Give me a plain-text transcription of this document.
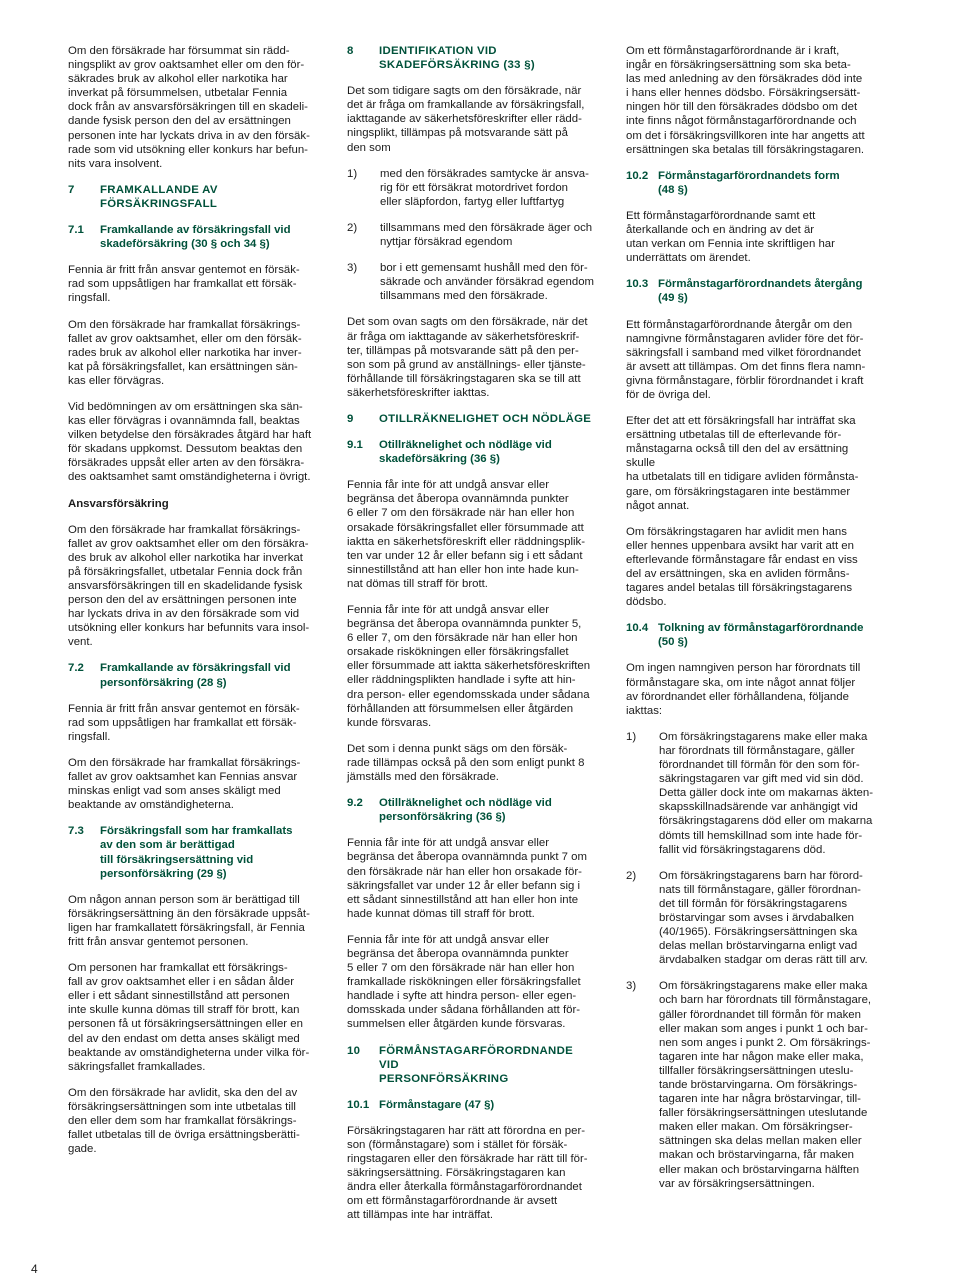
Om den försäkrade har försummat sin rädd-
ningsplikt av grov oaktsamhet eller om den för-
säkrades bruk av alkohol eller narkotika har
inverkat på försummelsen, utbetalar Fennia
dock från av ansvarsförsäkringen till en skadeli-
dande fysisk person den del av ersättningen
personen inte har lyckats driva in av den försäk-
rade som vid utsökning eller konkurs har befun-
nits vara insolvent.

7	FRAMKALLANDE AV
FÖRSÄKRINGSFALL
7.1	Framkallande av försäkringsfall vid
skadeförsäkring (30 § och 34 §)

Fennia är fritt från ansvar gentemot en försäk-
rad som uppsåtligen har framkallat ett försäk-
ringsfall.

Om den försäkrade har framkallat försäkrings-
fallet av grov oaktsamhet, eller om den försäk-
rades bruk av alkohol eller narkotika har inver-
kat på försäkringsfallet, kan ersättningen sän-
kas eller förvägras.

Vid bedömningen av om ersättningen ska sän-
kas eller förvägras i ovannämnda fall, beaktas
vilken betydelse den försäkrades åtgärd har haft
för skadans uppkomst. Dessutom beaktas den
försäkrades uppsåt eller arten av den försäkra-
des oaktsamhet samt omständigheterna i övrigt.

Ansvarsförsäkring

Om den försäkrade har framkallat försäkrings-
fallet av grov oaktsamhet eller om den försäkra-
des bruk av alkohol eller narkotika har inverkat
på försäkringsfallet, utbetalar Fennia dock från
ansvarsförsäkringen till en skadelidande fysisk
person den del av ersättningen personen inte
har lyckats driva in av den försäkrade som vid
utsökning eller konkurs har befunnits vara insol-
vent.

7.2	Framkallande av försäkringsfall vid
personförsäkring (28 §)

Fennia är fritt från ansvar gentemot en försäk-
rad som uppsåtligen har framkallat ett försäk-
ringsfall.

Om den försäkrade har framkallat försäkrings-
fallet av grov oaktsamhet kan Fennias ansvar
minskas enligt vad som anses skäligt med
beaktande av omständigheterna.

7.3	Försäkringsfall som har framkallats
av den som är berättigad
till försäkringsersättning vid
personförsäkring (29 §)

Om någon annan person som är berättigad till
försäkringsersättning än den försäkrade uppsåt-
ligen har framkallatett försäkringsfall, är Fennia
fritt från ansvar gentemot personen.

Om personen har framkallat ett försäkrings-
fall av grov oaktsamhet eller i en sådan ålder
eller i ett sådant sinnestillstånd att personen
inte skulle kunna dömas till straff för brott, kan
personen få ut försäkringsersättningen eller en
del av den endast om detta anses skäligt med
beaktande av omständigheterna under vilka för-
säkringsfallet framkallades.

Om den försäkrade har avlidit, ska den del av
försäkringsersättningen som inte utbetalas till
den eller dem som har framkallat försäkrings-
fallet utbetalas till de övriga ersättningsberätti-
gade.

8	IDENTIFIKATION VID
SKADEFÖRSÄKRING (33 §)

Det som tidigare sagts om den försäkrade, när
det är fråga om framkallande av försäkringsfall,
iakttagande av säkerhetsföreskrifter eller rädd-
ningsplikt, tillämpas på motsvarande sätt på
den som

1)	med den försäkrades samtycke är ansva-
rig för ett försäkrat motordrivet fordon
eller släpfordon, fartyg eller luftfartyg
2)	tillsammans med den försäkrade äger och
nyttjar försäkrad egendom
3)	bor i ett gemensamt hushåll med den för-
säkrade och använder försäkrad egendom
tillsammans med den försäkrade.

Det som ovan sagts om den försäkrade, när det
är fråga om iakttagande av säkerhetsföreskrif-
ter, tillämpas på motsvarande sätt på den per-
son som på grund av anställnings- eller tjänste-
förhållande till försäkringstagaren ska se till att
säkerhetsföreskrifter iakttas.

9	OTILLRÄKNELIGHET OCH NÖDLÄGE
9.1	Otillräknelighet och nödläge vid
skadeförsäkring (36 §)

Fennia får inte för att undgå ansvar eller
begränsa det åberopa ovannämnda punkter
6 eller 7 om den försäkrade när han eller hon
orsakade försäkringsfallet eller försummade att
iaktta en säkerhetsföreskrift eller räddningsplik-
ten var under 12 år eller befann sig i ett sådant
sinnestillstånd att han eller hon inte hade kun-
nat dömas till straff för brott.

Fennia får inte för att undgå ansvar eller
begränsa det åberopa ovannämnda punkter 5,
6 eller 7, om den försäkrade när han eller hon
orsakade riskökningen eller försäkringsfallet
eller försummade att iaktta säkerhetsföreskriften
eller räddningsplikten handlade i syfte att hin-
dra person- eller egendomsskada under sådana
förhållanden att försummelsen eller åtgärden
kunde försvaras.

Det som i denna punkt sägs om den försäk-
rade tillämpas också på den som enligt punkt 8
jämställs med den försäkrade.

9.2	Otillräknelighet och nödläge vid
personförsäkring (36 §)

Fennia får inte för att undgå ansvar eller
begränsa det åberopa ovannämnda punkt 7 om
den försäkrade när han eller hon orsakade för-
säkringsfallet var under 12 år eller befann sig i
ett sådant sinnestillstånd att han eller hon inte
hade kunnat dömas till straff för brott.

Fennia får inte för att undgå ansvar eller
begränsa det åberopa ovannämnda punkter
5 eller 7 om den försäkrade när han eller hon
framkallade riskökningen eller försäkringsfallet
handlade i syfte att hindra person- eller egen-
domsskada under sådana förhållanden att för-
summelsen eller åtgärden kunde försvaras.

10	FÖRMÅNSTAGARFÖRORDNANDE VID
PERSONFÖRSÄKRING
10.1 Förmånstagare (47 §)

Försäkringstagaren har rätt att förordna en per-
son (förmånstagare) som i stället för försäk-
ringstagaren eller den försäkrade har rätt till för-
säkringsersättning. Försäkringstagaren kan
ändra eller återkalla förmånstagarförordnandet
om ett förmånstagarförordnande är avsett
att tillämpas inte har inträffat.

Om ett förmånstagarförordnande är i kraft,
ingår en försäkringsersättning som ska beta-
las med anledning av den försäkrades död inte
i hans eller hennes dödsbo. Försäkringsersätt-
ningen hör till den försäkrades dödsbo om det
inte finns något förmånstagarförordnande och
om det i försäkringsvillkoren inte har angetts att
ersättningen ska betalas till försäkringstagaren.

10.2 Förmånstagarförordnandets form
(48 §)

Ett förmånstagarförordnande samt ett
återkallande och en ändring av det är
utan verkan om Fennia inte skriftligen har
underrättats om ärendet.

10.3 Förmånstagarförordnandets återgång
(49 §)

Ett förmånstagarförordnande återgår om den
namngivne förmånstagaren avlider före det för-
säkringsfall i samband med vilket förordnandet
är avsett att tillämpas. Om det finns flera namn-
givna förmånstagare, förblir förordnandet i kraft
för de övriga del.

Efter det att ett försäkringsfall har inträffat ska
ersättning utbetalas till de efterlevande för-
månstagarna också till den del av ersättning skulle
ha utbetalats till en tidigare avliden förmånsta-
gare, om försäkringstagaren inte bestämmer
något annat.

Om försäkringstagaren har avlidit men hans
eller hennes uppenbara avsikt har varit att en
efterlevande förmånstagare får endast en viss
del av ersättningen, ska en avliden förmåns-
tagares andel betalas till försäkringstagarens
dödsbo.

10.4 Tolkning av förmånstagarförordnande
(50 §)

Om ingen namngiven person har förordnats till
förmånstagare ska, om inte något annat följer
av förordnandet eller förhållandena, följande
iakttas:

1)	Om försäkringstagarens make eller maka
har förordnats till förmånstagare, gäller
förordnandet till förmån för den som för-
säkringstagaren var gift med vid sin död.
Detta gäller dock inte om makarnas äkten-
skapsskillnadsärende var anhängigt vid
försäkringstagarens död eller om makarna
dömts till hemskillnad som inte hade för-
fallit vid försäkringstagarens död.
2)	Om försäkringstagarens barn har förord-
nats till förmånstagare, gäller förordnan-
det till förmån för försäkringstagarens
bröstarvingar som avses i ärvdabalken
(40/1965). Försäkringsersättningen ska
delas mellan bröstarvingarna enligt vad
ärvdabalken stadgar om deras rätt till arv.
3)	Om försäkringstagarens make eller maka
och barn har förordnats till förmånstagare,
gäller förordnandet till förmån för maken
eller makan som anges i punkt 1 och bar-
nen som anges i punkt 2. Om försäkrings-
tagaren inte har någon make eller maka,
tillfaller försäkringsersättningen uteslu-
tande bröstarvingarna. Om försäkrings-
tagaren inte har några bröstarvingar, till-
faller försäkringsersättningen uteslutande
maken eller makan. Om försäkringser-
sättningen ska delas mellan maken eller
makan och bröstarvingarna, får maken
eller makan och bröstarvingarna hälften
var av försäkringsersättningen.
4
